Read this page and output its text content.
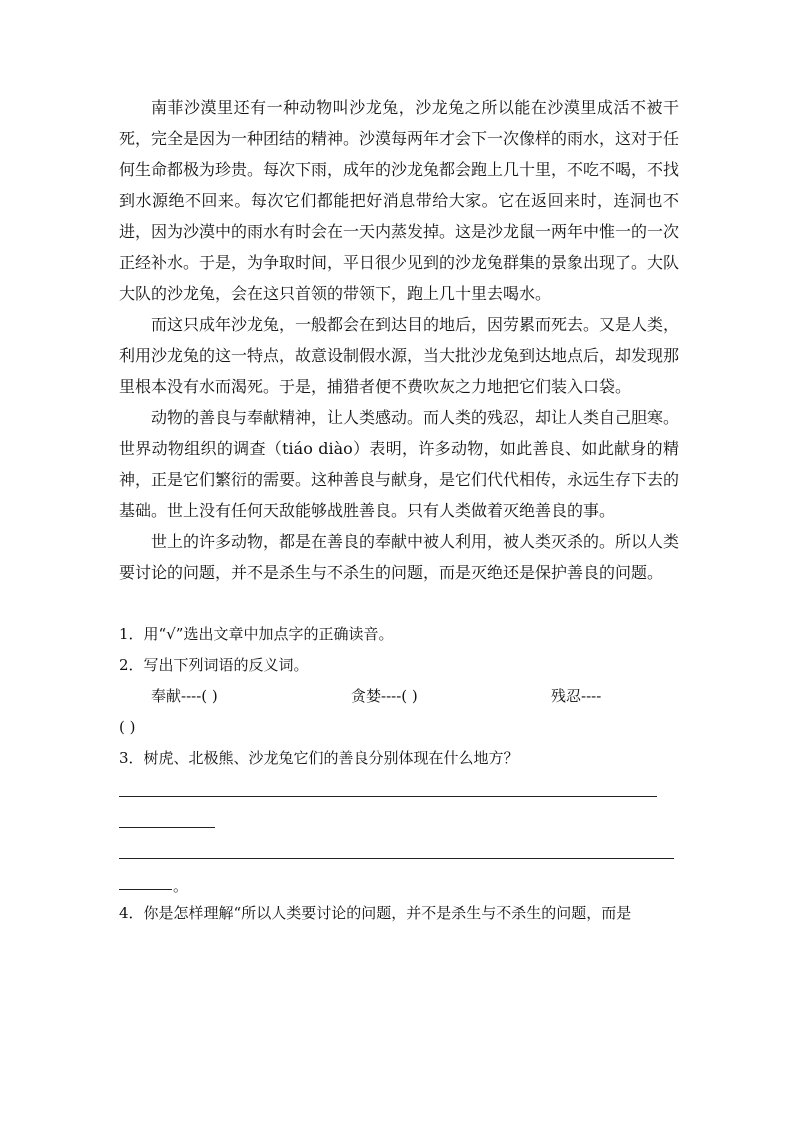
南菲沙漠里还有一种动物叫沙龙兔，沙龙兔之所以能在沙漠里成活不被干死，完全是因为一种团结的精神。沙漠每两年才会下一次像样的雨水，这对于任何生命都极为珍贵。每次下雨，成年的沙龙兔都会跑上几十里，不吃不喝，不找到水源绝不回来。每次它们都能把好消息带给大家。它在返回来时，连洞也不进，因为沙漠中的雨水有时会在一天内蒸发掉。这是沙龙鼠一两年中惟一的一次正经补水。于是，为争取时间，平日很少见到的沙龙兔群集的景象出现了。大队大队的沙龙兔，会在这只首领的带领下，跑上几十里去喝水。

而这只成年沙龙兔，一般都会在到达目的地后，因劳累而死去。又是人类，利用沙龙兔的这一特点，故意设制假水源，当大批沙龙兔到达地点后，却发现那里根本没有水而渴死。于是，捕猎者便不费吹灰之力地把它们装入口袋。

动物的善良与奉献精神，让人类感动。而人类的残忍，却让人类自己胆寒。世界动物组织的调查（tiáo diào）表明，许多动物，如此善良、如此献身的精神，正是它们繁衍的需要。这种善良与献身，是它们代代相传，永远生存下去的基础。世上没有任何天敌能够战胜善良。只有人类做着灭绝善良的事。

世上的许多动物，都是在善良的奉献中被人利用，被人类灭杀的。所以人类要讨论的问题，并不是杀生与不杀生的问题，而是灭绝还是保护善良的问题。

1．用“√”选出文章中加点字的正确读音。

2．写出下列词语的反义词。

奉献----( )	贪婪----( )	残忍----

( )

3．树虎、北极熊、沙龙兔它们的善良分别体现在什么地方？

。

4．你是怎样理解“所以人类要讨论的问题，并不是杀生与不杀生的问题，而是
